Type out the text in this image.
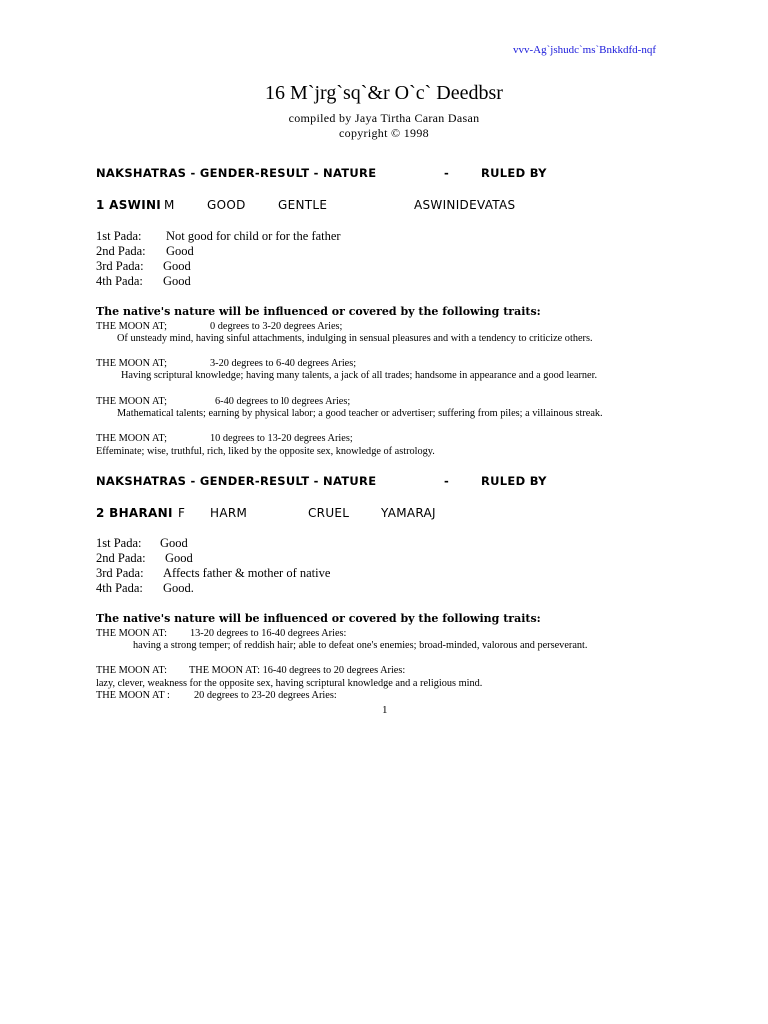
vvv-Ag`jshudc`ms`Bnkkdfd-nqf
16 M`jrg`sq`&r O`c` Deedbsr
compiled by Jaya Tirtha Caran Dasan
copyright © 1998
NAKSHATRAS - GENDER-RESULT - NATURE	-	RULED BY
1 ASWINI M	GOOD	GENTLE	ASWINIDEVATAS
1st Pada: Not good for child or for the father
2nd Pada: Good
3rd Pada: Good
4th Pada: Good
The native's nature will be influenced or covered by the following traits:
THE MOON AT;	0 degrees to 3-20 degrees Aries;
Of unsteady mind, having sinful attachments, indulging in sensual pleasures and with a tendency to criticize others.
THE MOON AT;	3-20 degrees to 6-40 degrees Aries;
Having scriptural knowledge; having many talents, a jack of all trades; handsome in appearance and a good learner.
THE MOON AT;	6-40 degrees to l0 degrees Aries;
Mathematical talents; earning by physical labor; a good teacher or advertiser; suffering from piles; a villainous streak.
THE MOON AT;	10 degrees to 13-20 degrees Aries;
Effeminate; wise, truthful, rich, liked by the opposite sex, knowledge of astrology.
NAKSHATRAS - GENDER-RESULT - NATURE	-	RULED BY
2 BHARANI F HARM	CRUEL	YAMARAJ
1st Pada: Good
2nd Pada: Good
3rd Pada: Affects father & mother of native
4th Pada: Good.
The native's nature will be influenced or covered by the following traits:
THE MOON AT: 13-20 degrees to 16-40 degrees Aries:
having a strong temper; of reddish hair; able to defeat one's enemies; broad-minded, valorous and perseverant.
THE MOON AT: THE MOON AT: 16-40 degrees to 20 degrees Aries:
lazy, clever, weakness for the opposite sex, having scriptural knowledge and a religious mind.
THE MOON AT : 20 degrees to 23-20 degrees Aries:
1
